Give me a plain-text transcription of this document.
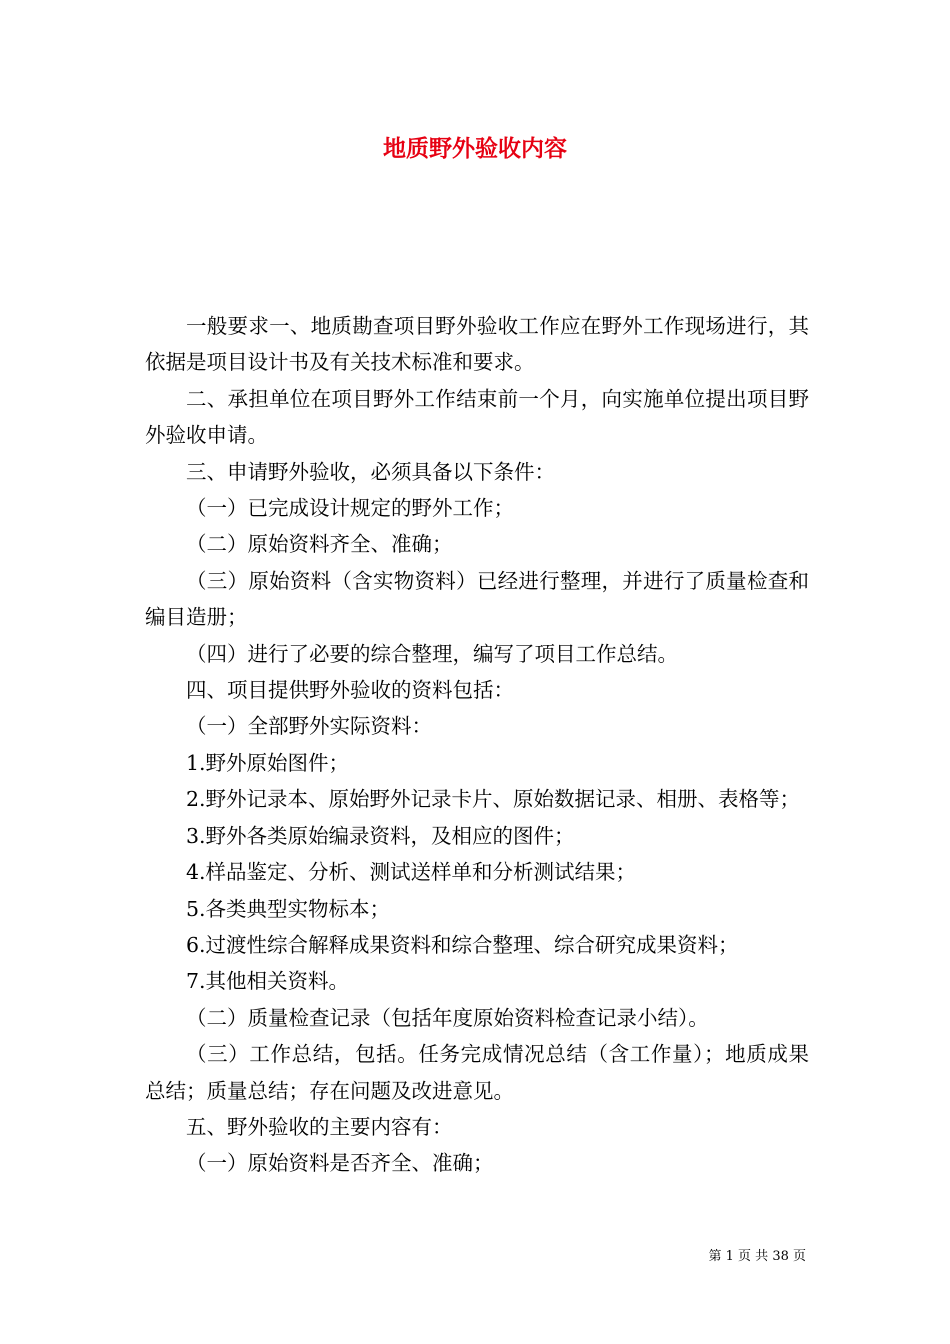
地质野外验收内容

一般要求一、地质勘查项目野外验收工作应在野外工作现场进行，其依据是项目设计书及有关技术标准和要求。

二、承担单位在项目野外工作结束前一个月，向实施单位提出项目野外验收申请。

三、申请野外验收，必须具备以下条件：

（一）已完成设计规定的野外工作；

（二）原始资料齐全、准确；

（三）原始资料（含实物资料）已经进行整理，并进行了质量检查和编目造册；

（四）进行了必要的综合整理，编写了项目工作总结。

四、项目提供野外验收的资料包括：

（一）全部野外实际资料：

1.野外原始图件；

2.野外记录本、原始野外记录卡片、原始数据记录、相册、表格等；

3.野外各类原始编录资料，及相应的图件；

4.样品鉴定、分析、测试送样单和分析测试结果；

5.各类典型实物标本；

6.过渡性综合解释成果资料和综合整理、综合研究成果资料；

7.其他相关资料。

（二）质量检查记录（包括年度原始资料检查记录小结）。

（三）工作总结，包括。任务完成情况总结（含工作量）；地质成果总结；质量总结；存在问题及改进意见。

五、野外验收的主要内容有：

（一）原始资料是否齐全、准确；

第 1 页 共 38 页
